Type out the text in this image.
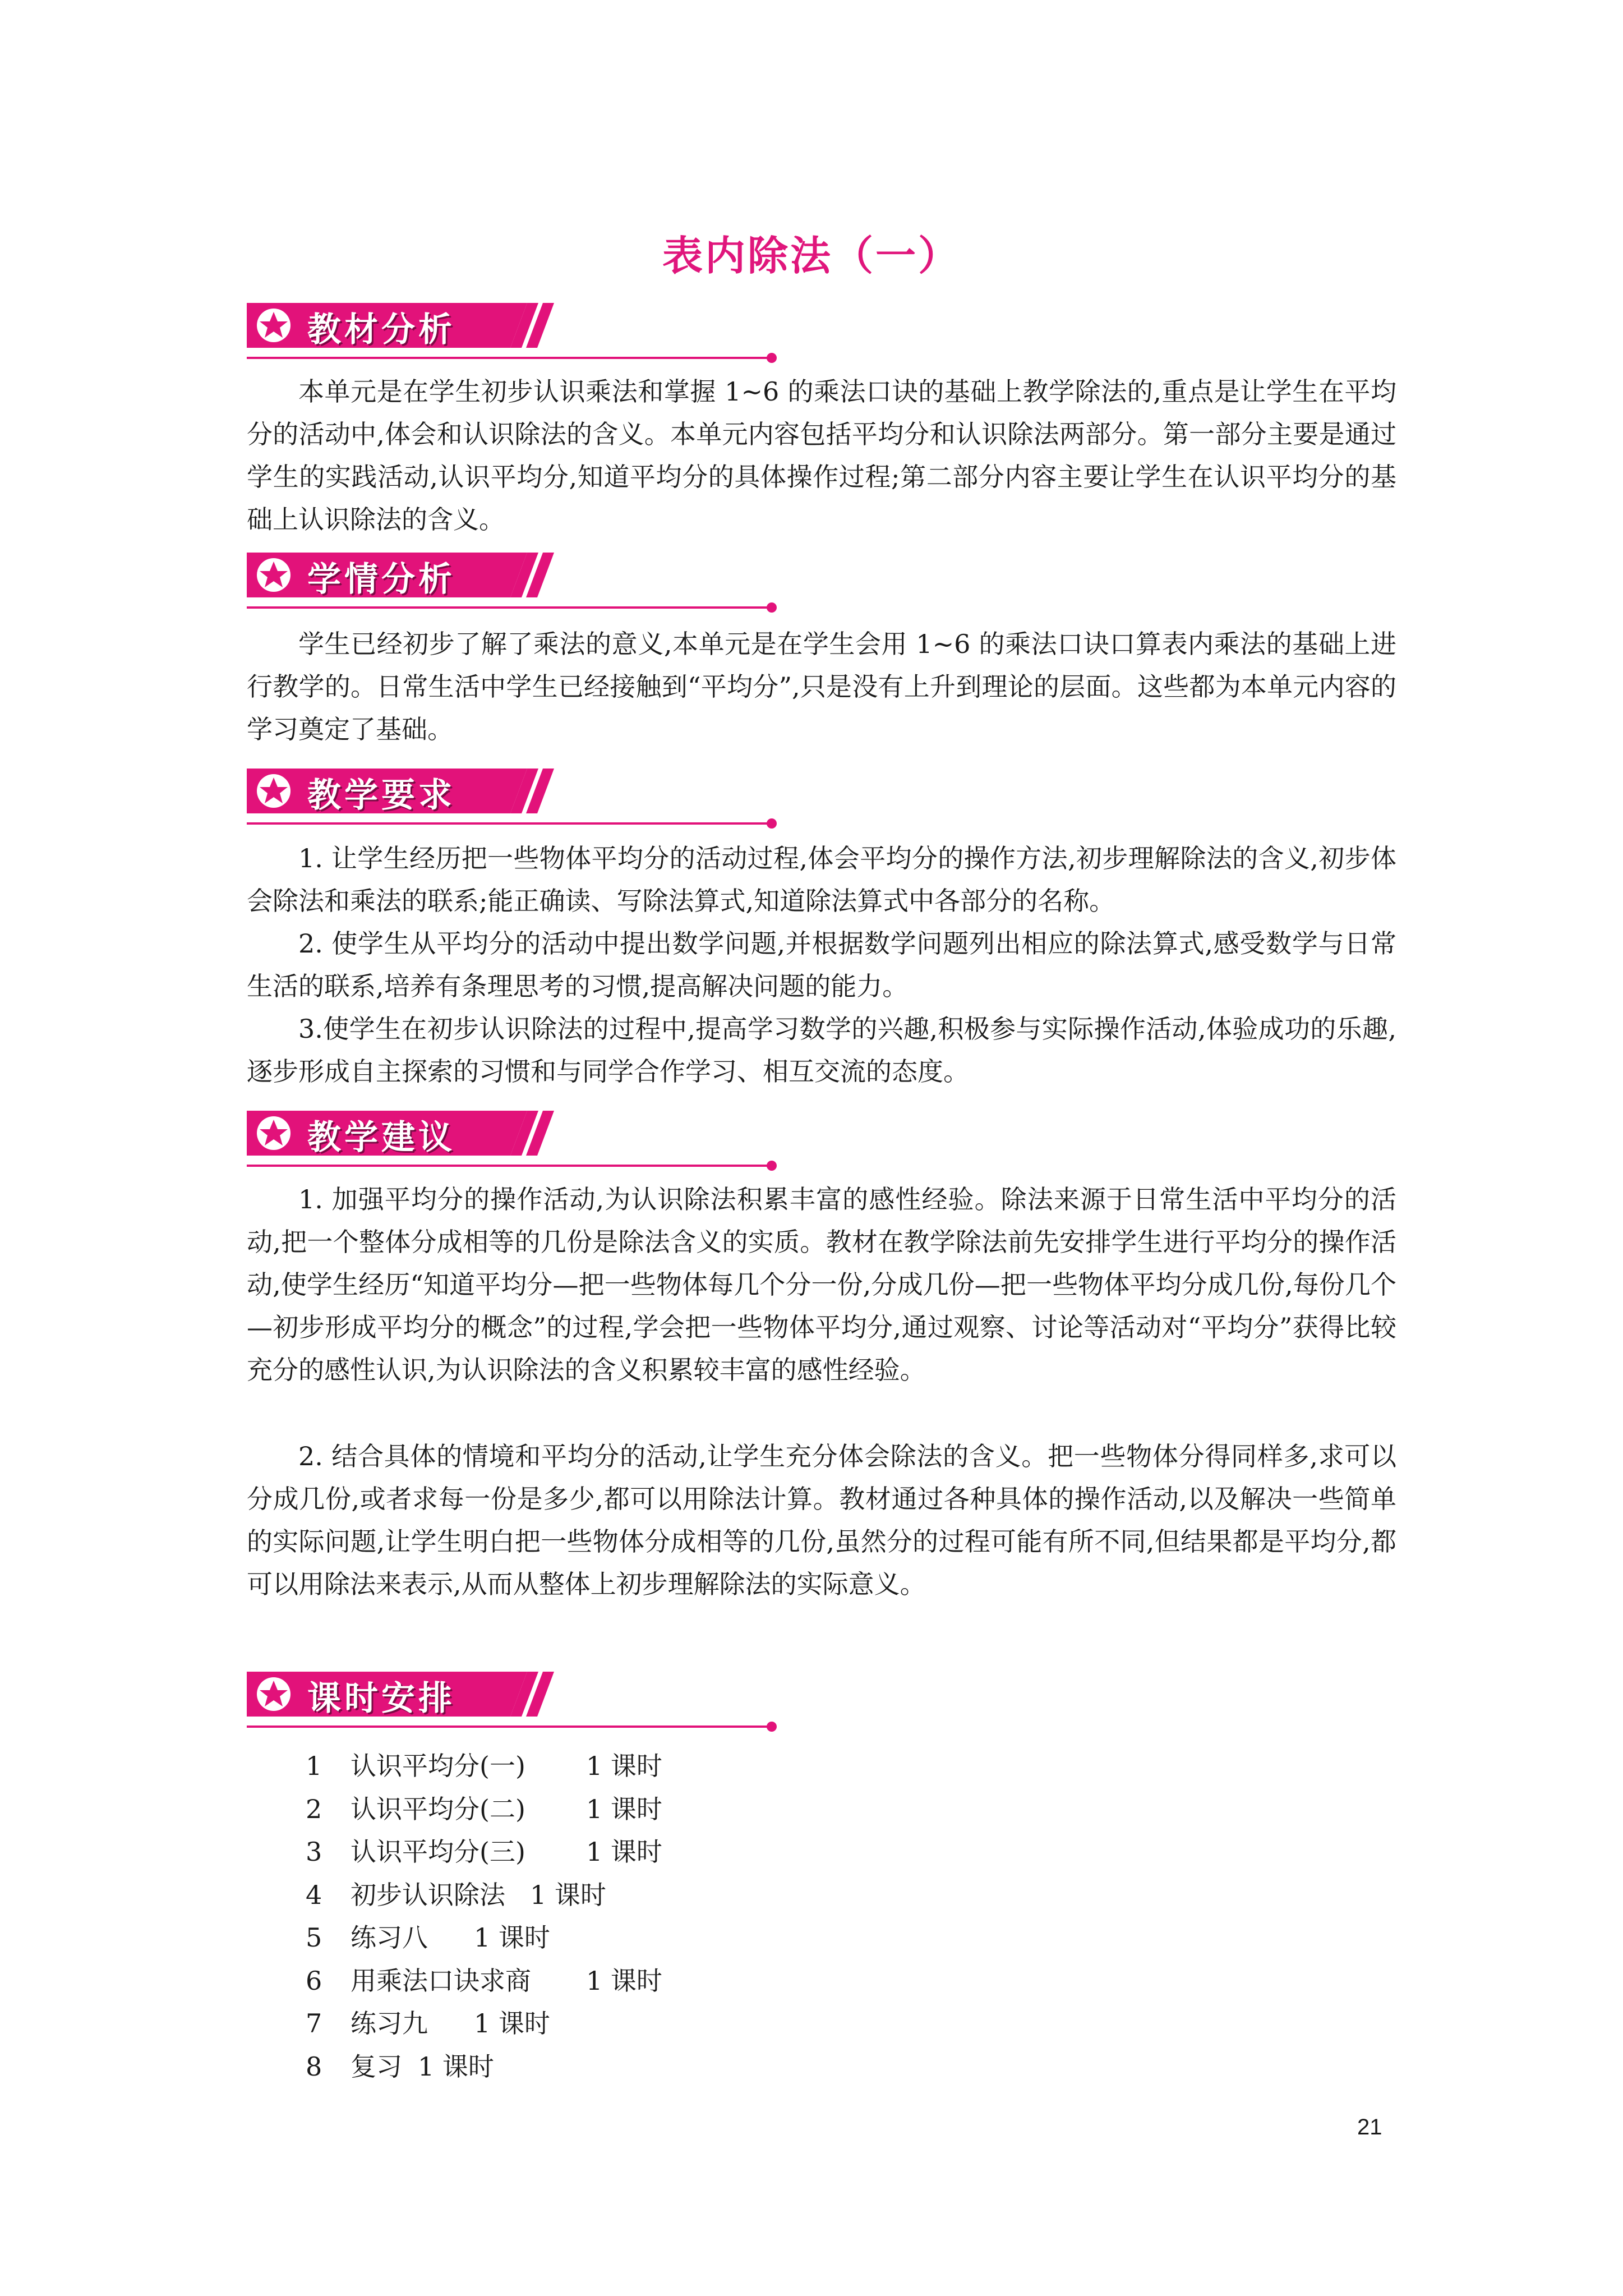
表内除法（一）
教材分析

本单元是在学生初步认识乘法和掌握 1~6 的乘法口诀的基础上教学除法的,重点是让学生在平均分的活动中,体会和认识除法的含义。本单元内容包括平均分和认识除法两部分。第一部分主要是通过学生的实践活动,认识平均分,知道平均分的具体操作过程;第二部分内容主要让学生在认识平均分的基础上认识除法的含义。

学情分析

学生已经初步了解了乘法的意义,本单元是在学生会用 1~6 的乘法口诀口算表内乘法的基础上进行教学的。日常生活中学生已经接触到“平均分”,只是没有上升到理论的层面。这些都为本单元内容的学习奠定了基础。

教学要求

1. 让学生经历把一些物体平均分的活动过程,体会平均分的操作方法,初步理解除法的含义,初步体会除法和乘法的联系;能正确读、写除法算式,知道除法算式中各部分的名称。

2. 使学生从平均分的活动中提出数学问题,并根据数学问题列出相应的除法算式,感受数学与日常生活的联系,培养有条理思考的习惯,提高解决问题的能力。

3.使学生在初步认识除法的过程中,提高学习数学的兴趣,积极参与实际操作活动,体验成功的乐趣,逐步形成自主探索的习惯和与同学合作学习、相互交流的态度。

教学建议

1. 加强平均分的操作活动,为认识除法积累丰富的感性经验。除法来源于日常生活中平均分的活动,把一个整体分成相等的几份是除法含义的实质。教材在教学除法前先安排学生进行平均分的操作活动,使学生经历“知道平均分—把一些物体每几个分一份,分成几份—把一些物体平均分成几份,每份几个—初步形成平均分的概念”的过程,学会把一些物体平均分,通过观察、讨论等活动对“平均分”获得比较充分的感性认识,为认识除法的含义积累较丰富的感性经验。

2. 结合具体的情境和平均分的活动,让学生充分体会除法的含义。把一些物体分得同样多,求可以分成几份,或者求每一份是多少,都可以用除法计算。教材通过各种具体的操作活动,以及解决一些简单的实际问题,让学生明白把一些物体分成相等的几份,虽然分的过程可能有所不同,但结果都是平均分,都可以用除法来表示,从而从整体上初步理解除法的实际意义。

课时安排
1 认识平均分(一) 1 课时
2 认识平均分(二) 1 课时
3 认识平均分(三) 1 课时
4 初步认识除法 1 课时
5 练习八 1 课时
6 用乘法口诀求商 1 课时
7 练习九 1 课时
8 复习 1 课时
21
